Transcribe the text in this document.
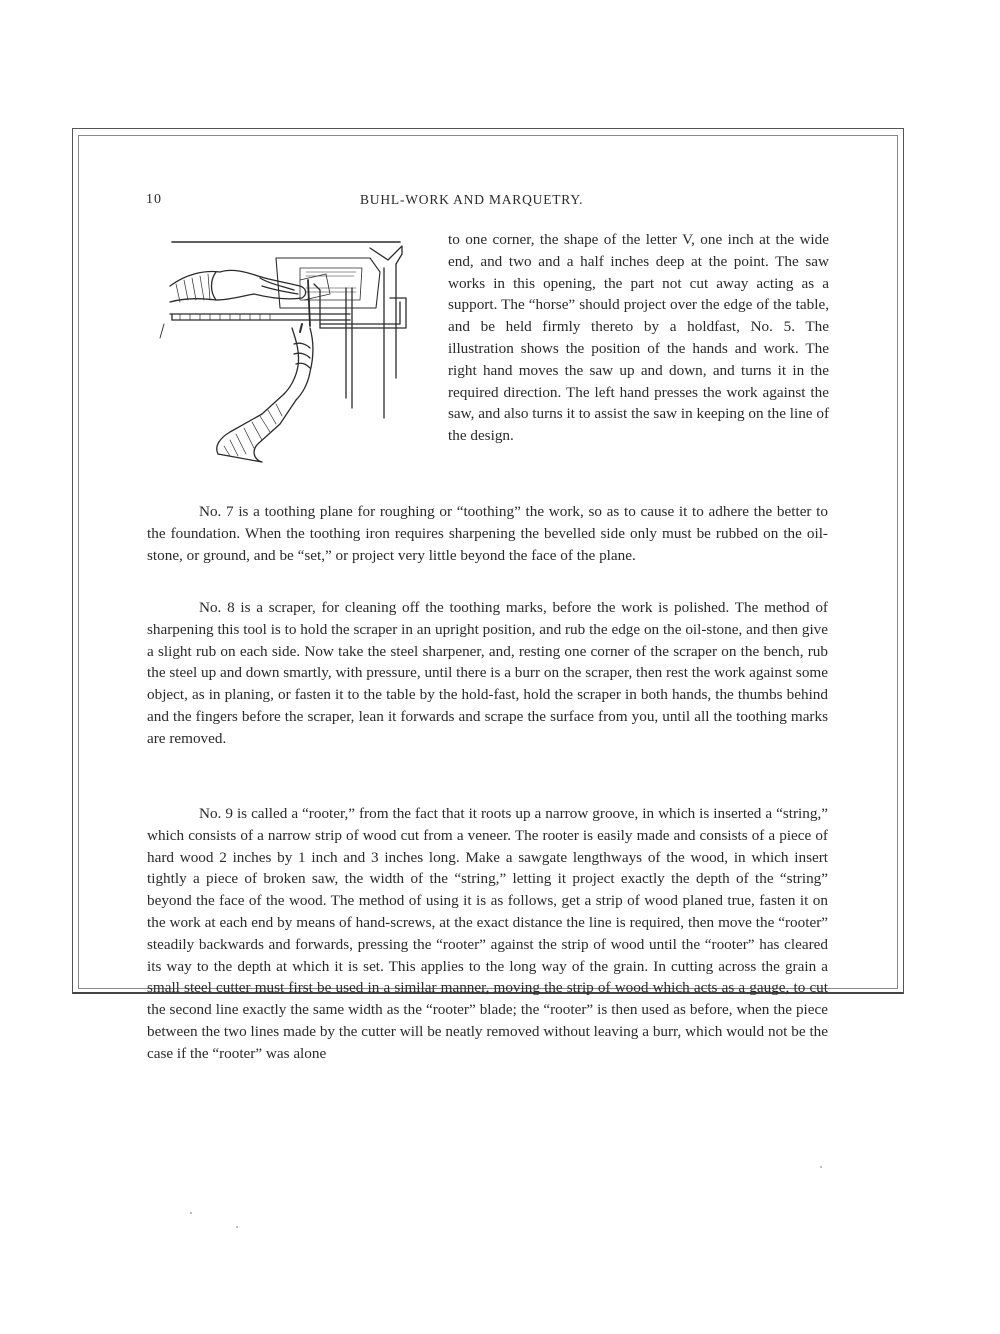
10	BUHL-WORK AND MARQUETRY.

to one corner, the shape of the letter V, one inch at the wide end, and two and a half inches deep at the point. The saw works in this opening, the part not cut away acting as a support. The “horse” should project over the edge of the table, and be held firmly thereto by a holdfast, No. 5. The illustration shows the position of the hands and work. The right hand moves the saw up and down, and turns it in the required direction. The left hand presses the work against the saw, and also turns it to assist the saw in keeping on the line of the design.

No. 7 is a toothing plane for roughing or “toothing” the work, so as to cause it to adhere the better to the foundation. When the toothing iron requires sharpening the bevelled side only must be rubbed on the oil-stone, or ground, and be “set,” or project very little beyond the face of the plane.

No. 8 is a scraper, for cleaning off the toothing marks, before the work is polished. The method of sharpening this tool is to hold the scraper in an upright position, and rub the edge on the oil-stone, and then give a slight rub on each side. Now take the steel sharpener, and, resting one corner of the scraper on the bench, rub the steel up and down smartly, with pressure, until there is a burr on the scraper, then rest the work against some object, as in planing, or fasten it to the table by the hold-fast, hold the scraper in both hands, the thumbs behind and the fingers before the scraper, lean it forwards and scrape the surface from you, until all the toothing marks are removed.

No. 9 is called a “rooter,” from the fact that it roots up a narrow groove, in which is inserted a “string,” which consists of a narrow strip of wood cut from a veneer. The rooter is easily made and consists of a piece of hard wood 2 inches by 1 inch and 3 inches long. Make a sawgate lengthways of the wood, in which insert tightly a piece of broken saw, the width of the “string,” letting it project exactly the depth of the “string” beyond the face of the wood. The method of using it is as follows, get a strip of wood planed true, fasten it on the work at each end by means of hand-screws, at the exact distance the line is required, then move the “rooter” steadily backwards and forwards, pressing the “rooter” against the strip of wood until the “rooter” has cleared its way to the depth at which it is set. This applies to the long way of the grain. In cutting across the grain a small steel cutter must first be used in a similar manner, moving the strip of wood which acts as a gauge, to cut the second line exactly the same width as the “rooter” blade; the “rooter” is then used as before, when the piece between the two lines made by the cutter will be neatly removed without leaving a burr, which would not be the case if the “rooter” was alone
